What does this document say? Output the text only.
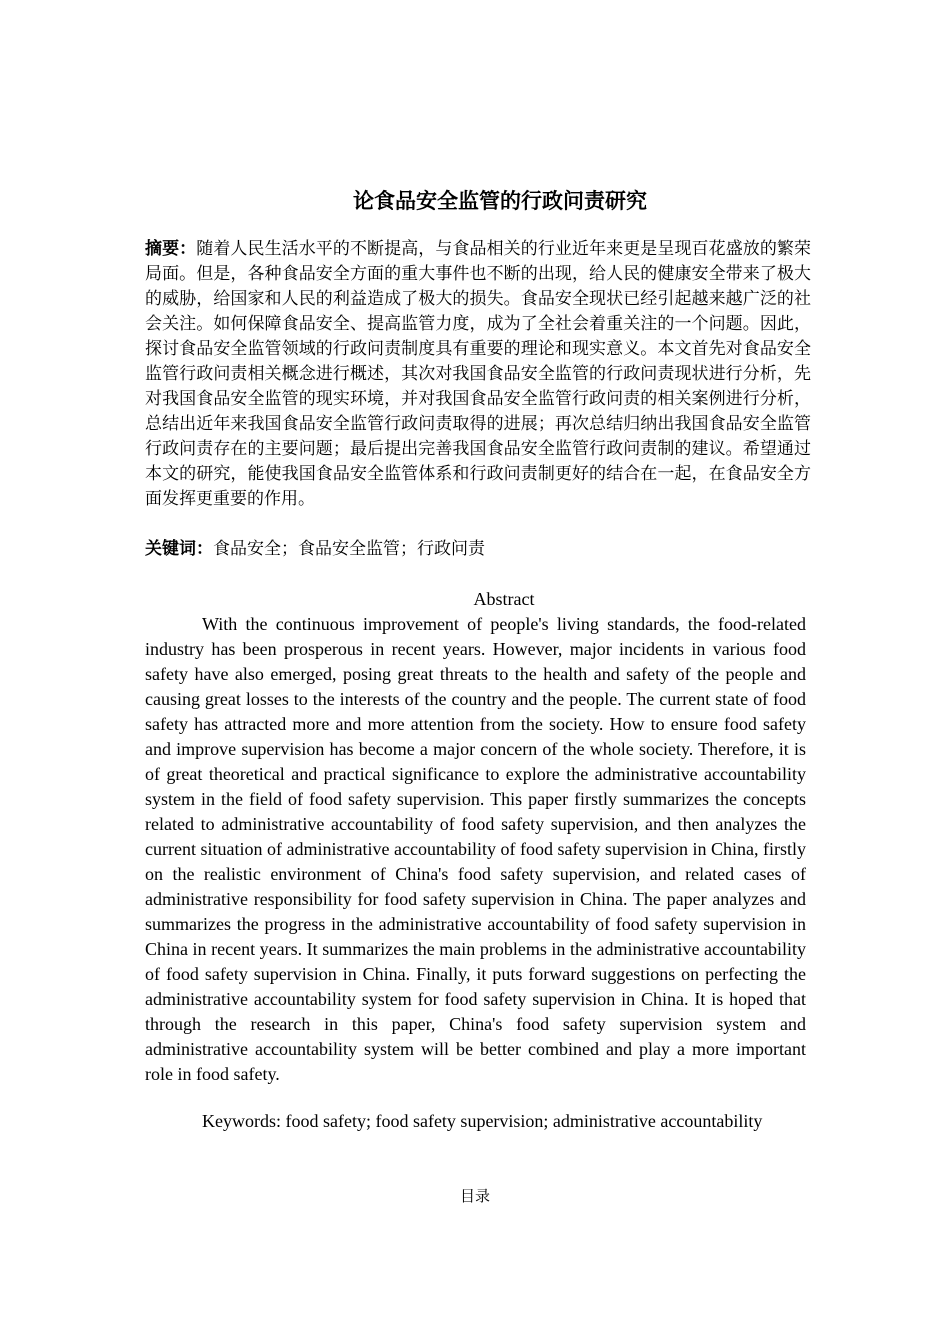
论食品安全监管的行政问责研究
摘要：随着人民生活水平的不断提高，与食品相关的行业近年来更是呈现百花盛放的繁荣局面。但是，各种食品安全方面的重大事件也不断的出现，给人民的健康安全带来了极大的威胁，给国家和人民的利益造成了极大的损失。食品安全现状已经引起越来越广泛的社会关注。如何保障食品安全、提高监管力度，成为了全社会着重关注的一个问题。因此，探讨食品安全监管领域的行政问责制度具有重要的理论和现实意义。本文首先对食品安全监管行政问责相关概念进行概述，其次对我国食品安全监管的行政问责现状进行分析，先对我国食品安全监管的现实环境，并对我国食品安全监管行政问责的相关案例进行分析，总结出近年来我国食品安全监管行政问责取得的进展；再次总结归纳出我国食品安全监管行政问责存在的主要问题；最后提出完善我国食品安全监管行政问责制的建议。希望通过本文的研究，能使我国食品安全监管体系和行政问责制更好的结合在一起，在食品安全方面发挥更重要的作用。
关键词：食品安全；食品安全监管；行政问责
Abstract

With the continuous improvement of people's living standards, the food-related industry has been prosperous in recent years. However, major incidents in various food safety have also emerged, posing great threats to the health and safety of the people and causing great losses to the interests of the country and the people. The current state of food safety has attracted more and more attention from the society. How to ensure food safety and improve supervision has become a major concern of the whole society. Therefore, it is of great theoretical and practical significance to explore the administrative accountability system in the field of food safety supervision. This paper firstly summarizes the concepts related to administrative accountability of food safety supervision, and then analyzes the current situation of administrative accountability of food safety supervision in China, firstly on the realistic environment of China's food safety supervision, and related cases of administrative responsibility for food safety supervision in China. The paper analyzes and summarizes the progress in the administrative accountability of food safety supervision in China in recent years. It summarizes the main problems in the administrative accountability of food safety supervision in China. Finally, it puts forward suggestions on perfecting the administrative accountability system for food safety supervision in China. It is hoped that through the research in this paper, China's food safety supervision system and administrative accountability system will be better combined and play a more important role in food safety.

Keywords: food safety; food safety supervision; administrative accountability

目录
